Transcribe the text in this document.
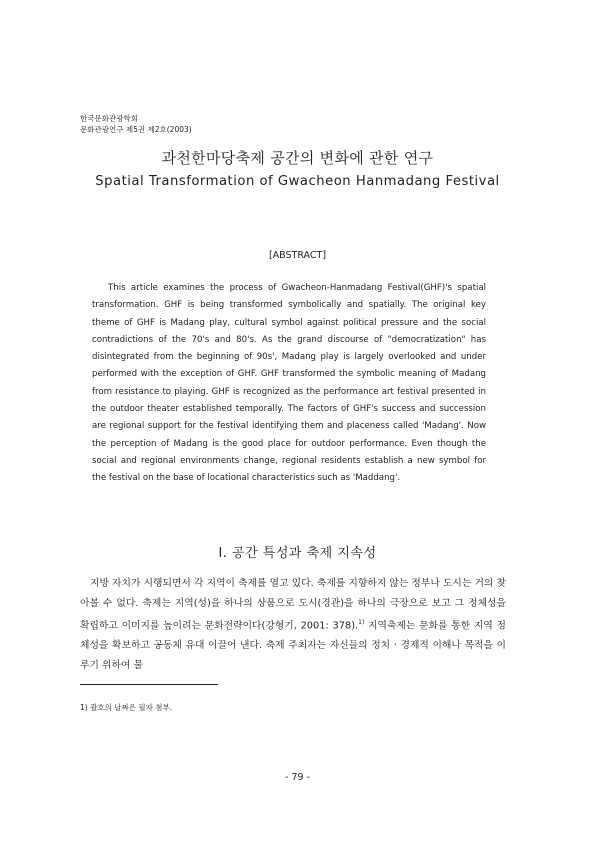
한국문화관광학회
문화관광연구 제5권 제2호(2003)
과천한마당축제 공간의 변화에 관한 연구
Spatial Transformation of Gwacheon Hanmadang Festival
[ABSTRACT]

This article examines the process of Gwacheon-Hanmadang Festival(GHF)'s spatial transformation. GHF is being transformed symbolically and spatially. The original key theme of GHF is Madang play, cultural symbol against political pressure and the social contradictions of the 70's and 80's. As the grand discourse of "democratization" has disintegrated from the beginning of 90s', Madang play is largely overlooked and under performed with the exception of GHF. GHF transformed the symbolic meaning of Madang from resistance to playing. GHF is recognized as the performance art festival presented in the outdoor theater established temporally. The factors of GHF's success and succession are regional support for the festival identifying them and placeness called 'Madang'. Now the perception of Madang is the good place for outdoor performance. Even though the social and regional environments change, regional residents establish a new symbol for the festival on the base of locational characteristics such as 'Maddang'.

Ⅰ. 공간 특성과 축제 지속성

지방 자치가 시행되면서 각 지역이 축제를 열고 있다. 축제를 지향하지 않는 정부나 도시는 거의 찾아볼 수 없다. 축제는 지역(성)을 하나의 상품으로 도시(경관)을 하나의 극장으로 보고 그 정체성을 확립하고 이미지를 높이려는 문화전략이다(강형기, 2001: 378).$^{1)}$ 지역축제는 문화를 통한 지역 정체성을 확보하고 공동체 유대 이끌어 낸다. 축제 주최자는 자신들의 정치 · 경제적 이해나 목적을 이루기 위하여 물

1) 괄호의 날짜은 필자 첨부.
- 79 -
